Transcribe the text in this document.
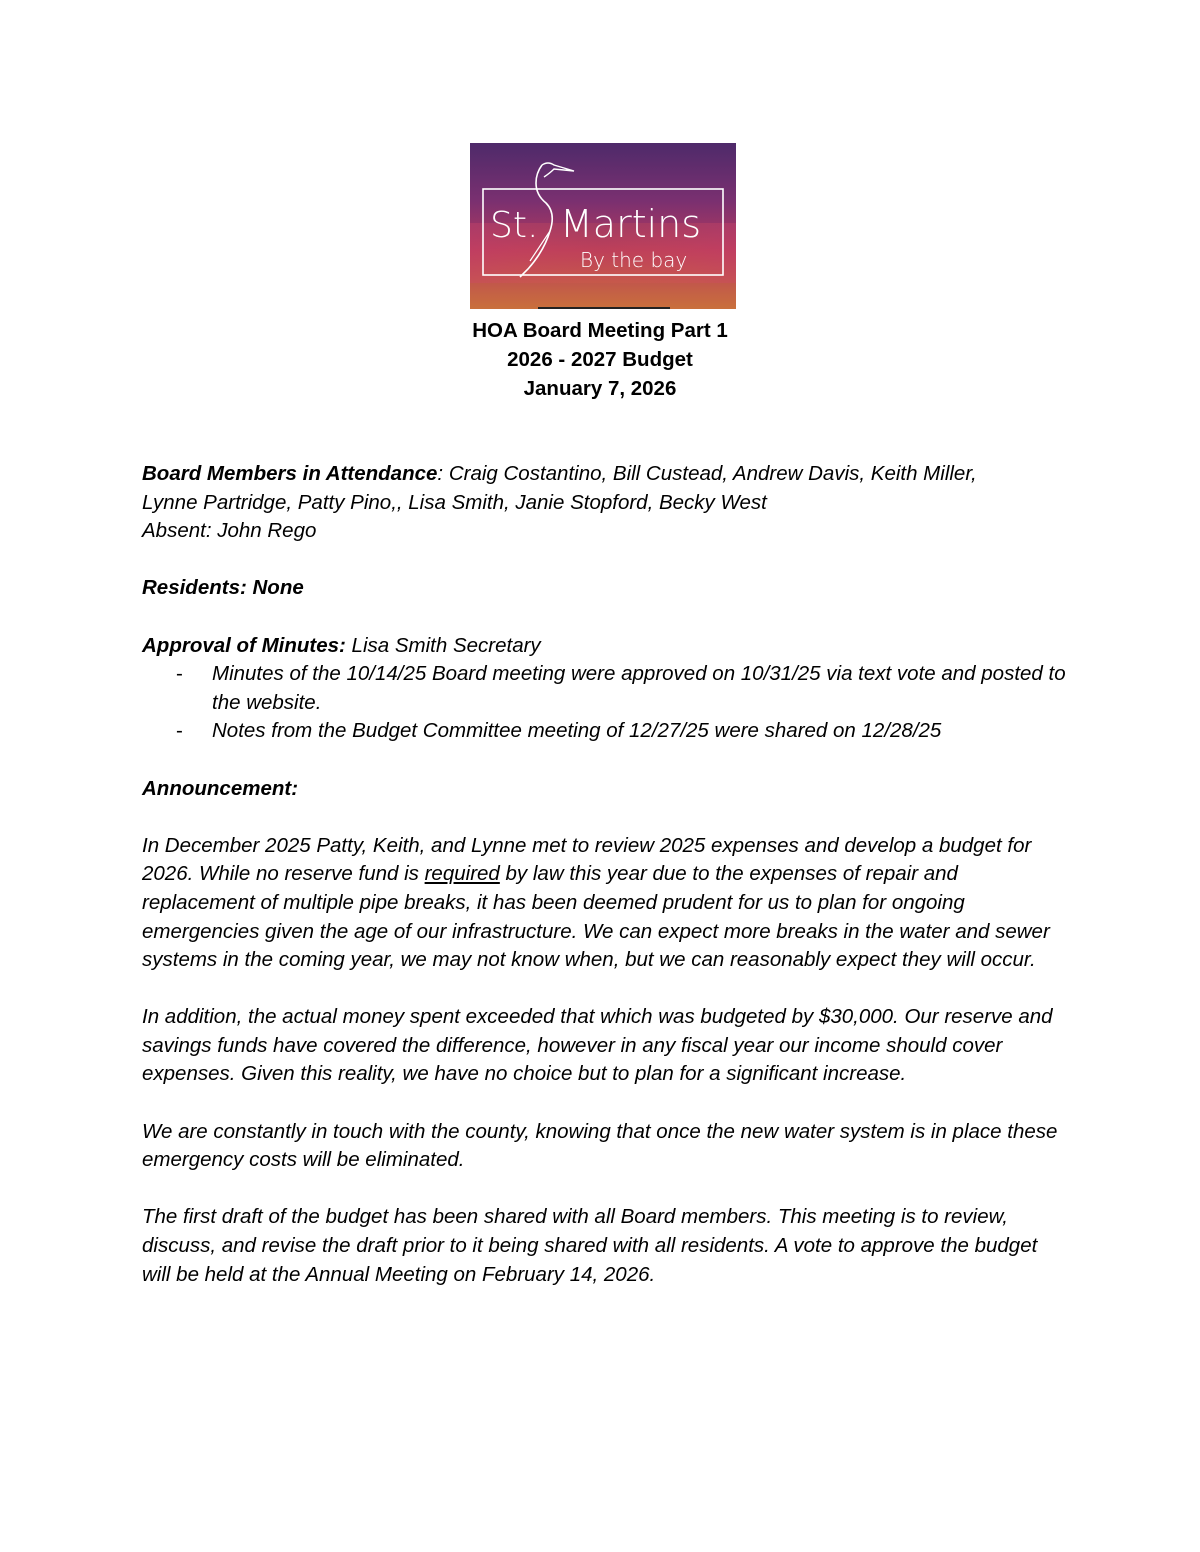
St. Martins
By the bay
HOA Board Meeting Part 1
2026 - 2027 Budget
January 7, 2026

Board Members in Attendance: Craig Costantino, Bill Custead, Andrew Davis, Keith Miller,
Lynne Partridge, Patty Pino,, Lisa Smith, Janie Stopford, Becky West
Absent: John Rego

Residents: None

Approval of Minutes: Lisa Smith Secretary

- Minutes of the 10/14/25 Board meeting were approved on 10/31/25 via text vote and posted to the website.
- Notes from the Budget Committee meeting of 12/27/25 were shared on 12/28/25

Announcement:

In December 2025 Patty, Keith, and Lynne met to review 2025 expenses and develop a budget for 2026. While no reserve fund is required by law this year due to the expenses of repair and replacement of multiple pipe breaks, it has been deemed prudent for us to plan for ongoing emergencies given the age of our infrastructure. We can expect more breaks in the water and sewer systems in the coming year, we may not know when, but we can reasonably expect they will occur.

In addition, the actual money spent exceeded that which was budgeted by $30,000. Our reserve and savings funds have covered the difference, however in any fiscal year our income should cover expenses. Given this reality, we have no choice but to plan for a significant increase.

We are constantly in touch with the county, knowing that once the new water system is in place these emergency costs will be eliminated.

The first draft of the budget has been shared with all Board members. This meeting is to review, discuss, and revise the draft prior to it being shared with all residents. A vote to approve the budget will be held at the Annual Meeting on February 14, 2026.
